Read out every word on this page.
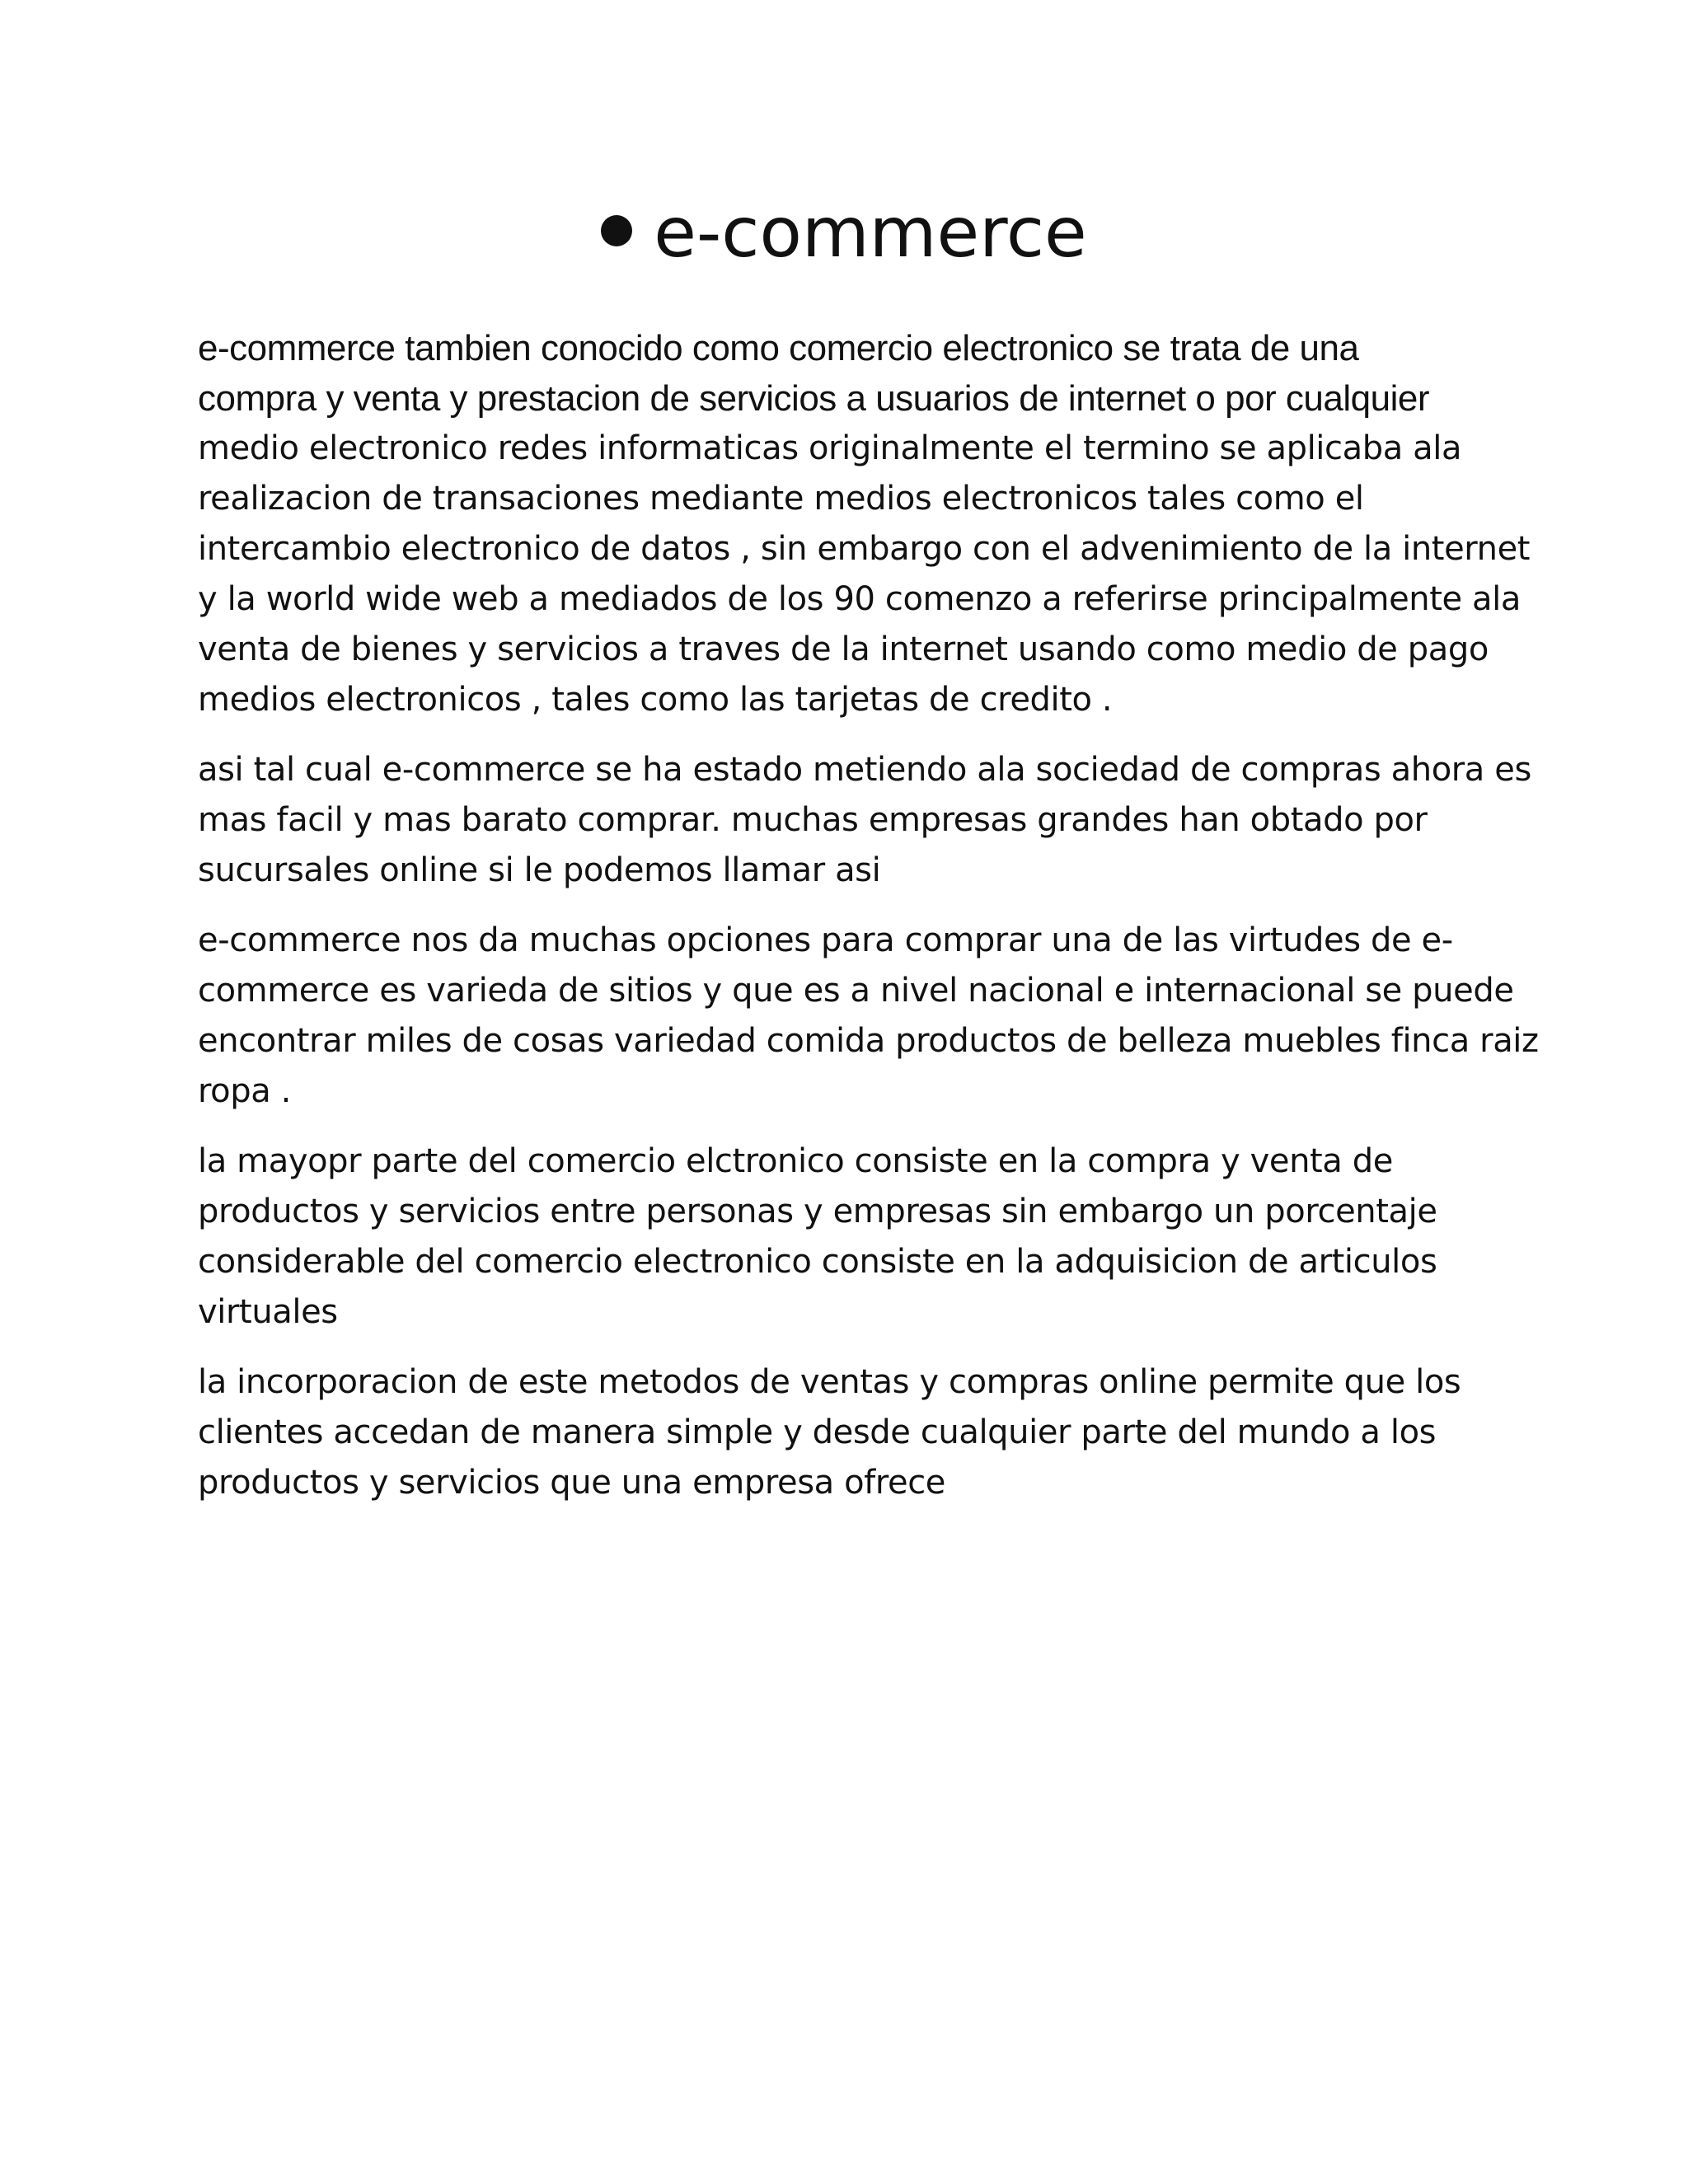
e-commerce
e-commerce tambien conocido como comercio electronico se trata de una
compra y venta y prestacion de servicios a usuarios de internet o por cualquier
medio electronico redes informaticas originalmente el termino se aplicaba ala
realizacion de transaciones mediante medios electronicos tales como el
intercambio electronico de datos , sin embargo con el advenimiento de la internet
y la world wide web a mediados de los 90 comenzo a referirse principalmente ala
venta de bienes y servicios a traves de la internet usando como medio de pago
medios electronicos , tales como las tarjetas de credito .
asi tal cual e-commerce se ha estado metiendo ala sociedad de compras ahora es
mas facil y mas barato comprar. muchas empresas grandes han obtado por
sucursales online si le podemos llamar asi
e-commerce nos da muchas opciones para comprar una de las virtudes de e-
commerce es varieda de sitios y que es a nivel nacional e internacional se puede
encontrar miles de cosas variedad comida productos de belleza muebles finca raiz
ropa .
la mayopr parte del comercio elctronico consiste en la compra y venta de
productos y servicios entre personas y empresas sin embargo un porcentaje
considerable del comercio electronico consiste en la adquisicion de articulos
virtuales
la incorporacion de este metodos de ventas y compras online permite que los
clientes accedan de manera simple y desde cualquier parte del mundo a los
productos y servicios que una empresa ofrece
